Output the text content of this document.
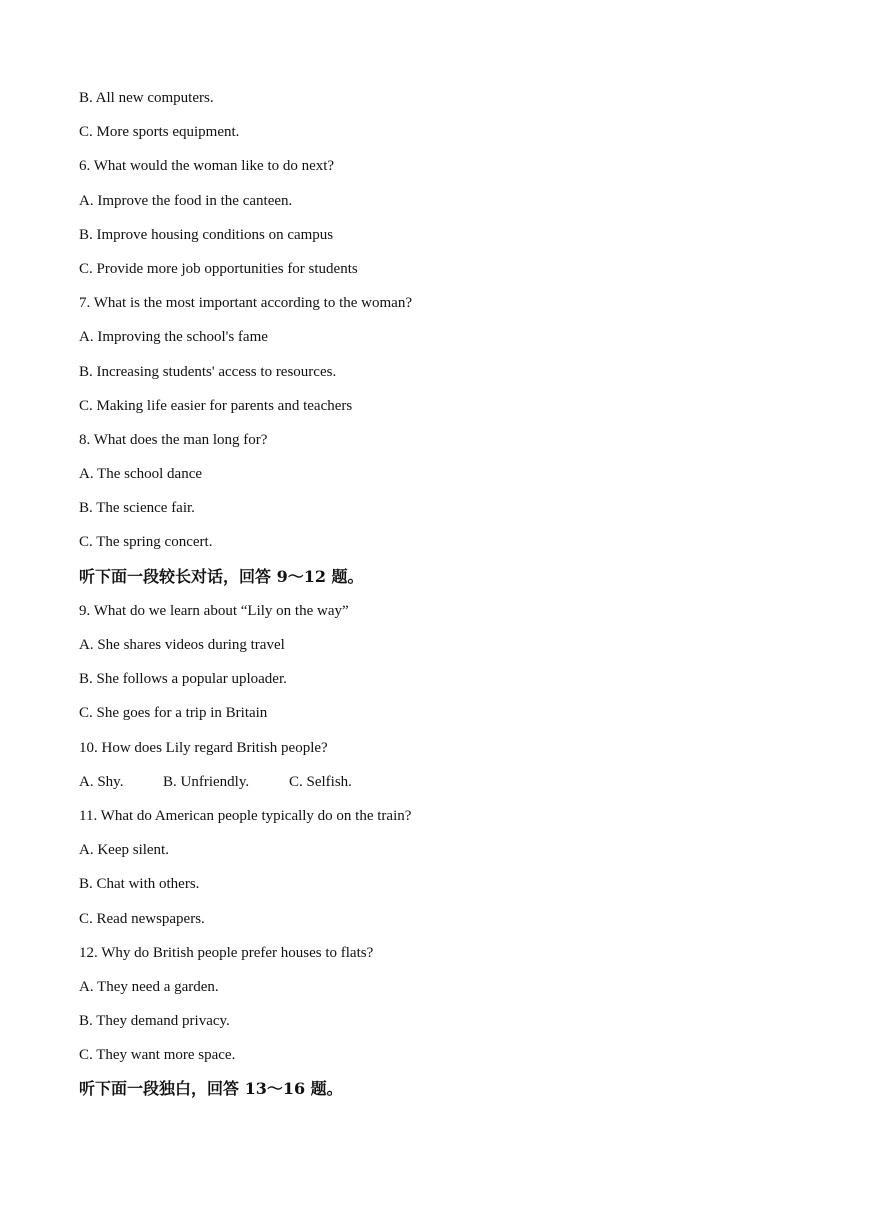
B. All new computers.
C. More sports equipment.
6. What would the woman like to do next?
A. Improve the food in the canteen.
B. Improve housing conditions on campus
C. Provide more job opportunities for students
7. What is the most important according to the woman?
A. Improving the school's fame
B. Increasing students' access to resources.
C. Making life easier for parents and teachers
8. What does the man long for?
A. The school dance
B. The science fair.
C. The spring concert.
听下面一段较长对话，回答 9～12 题。
9. What do we learn about “Lily on the way”
A. She shares videos during travel
B. She follows a popular uploader.
C. She goes for a trip in Britain
10. How does Lily regard British people?
A. Shy.	B. Unfriendly.	C. Selfish.
11. What do American people typically do on the train?
A. Keep silent.
B. Chat with others.
C. Read newspapers.
12. Why do British people prefer houses to flats?
A. They need a garden.
B. They demand privacy.
C. They want more space.
听下面一段独白，回答 13～16 题。
